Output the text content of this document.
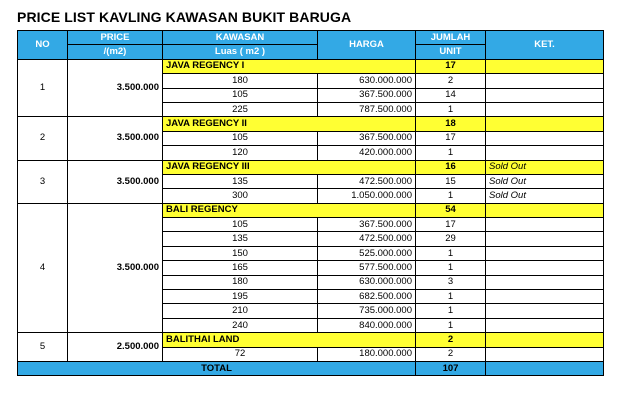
PRICE LIST KAVLING KAWASAN BUKIT BARUGA
NO	PRICE	KAWASAN	HARGA	JUMLAH	KET.
	/(m2)	Luas ( m2 )		UNIT	
1	3.500.000	JAVA REGENCY I		17	
		180	630.000.000	2	
		105	367.500.000	14	
		225	787.500.000	1	
2	3.500.000	JAVA REGENCY II		18	
		105	367.500.000	17	
		120	420.000.000	1	
3	3.500.000	JAVA REGENCY III		16	Sold Out
		135	472.500.000	15	Sold Out
		300	1.050.000.000	1	Sold Out
4	3.500.000	BALI REGENCY		54	
		105	367.500.000	17	
		135	472.500.000	29	
		150	525.000.000	1	
		165	577.500.000	1	
		180	630.000.000	3	
		195	682.500.000	1	
		210	735.000.000	1	
		240	840.000.000	1	
5	2.500.000	BALITHAI LAND		2	
		72	180.000.000	2	
TOTAL				107	
